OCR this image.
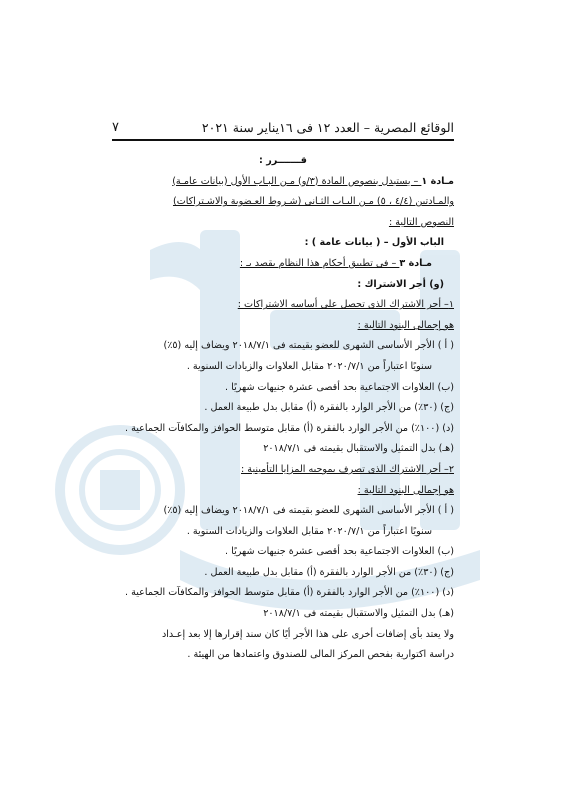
الوقائع المصرية – العدد ١٢ فى ١٦يناير سنة ٢٠٢١
٧
قـــــــرر :
مـادة ١ – يستبدل بنصوص المادة (٣/و) مـن البـاب الأول (بيانات عامـة)
والمـادتين (٤/٤ ، ٥) مـن البـاب الثـانى (شـروط العـضوية والاشـتراكات)
النصوص التالية :
الباب الأول – ( بيانات عامة ) :
مـادة ٣ – فى تطبيق أحكام هذا النظام يقصد بـ :
(و) أجر الاشتراك :
١– أجر الاشتراك الذى تحصل على أساسه الاشتراكات :
هو إجمالى البنود التالية :
( أ ) الأجر الأساسى الشهرى للعضو بقيمته فى ٢٠١٨/٧/١ ويضاف إليه (٥٪)
سنويًا اعتباراً من ٢٠٢٠/٧/١ مقابل العلاوات والزيادات السنوية .
(ب) العلاوات الاجتماعية بحد أقصى عشرة جنيهات شهريًا .
(ج) (٣٠٪) من الأجر الوارد بالفقرة (أ) مقابل بدل طبيعة العمل .
(د) (١٠٠٪) من الأجر الوارد بالفقرة (أ) مقابل متوسط الحوافز والمكافآت الجماعية .
(هـ) بدل التمثيل والاستقبال بقيمته فى ٢٠١٨/٧/١
٢– أجر الاشتراك الذى تصرف بموجبه المزايا التأمينية :
هو إجمالى البنود التالية :
( أ ) الأجر الأساسى الشهرى للعضو بقيمته فى ٢٠١٨/٧/١ ويضاف إليه (٥٪)
سنويًا اعتباراً من ٢٠٢٠/٧/١ مقابل العلاوات والزيادات السنوية .
(ب) العلاوات الاجتماعية بحد أقصى عشرة جنيهات شهريًا .
(ج) (٣٠٪) من الأجر الوارد بالفقرة (أ) مقابل بدل طبيعة العمل .
(د) (١٠٠٪) من الأجر الوارد بالفقرة (أ) مقابل متوسط الحوافز والمكافآت الجماعية .
(هـ) بدل التمثيل والاستقبال بقيمته فى ٢٠١٨/٧/١
ولا يعتد بأى إضافات أخرى على هذا الأجر أيًا كان سند إقرارها إلا بعد إعـداد
دراسة اكتوارية بفحص المركز المالى للصندوق واعتمادها من الهيئة .
